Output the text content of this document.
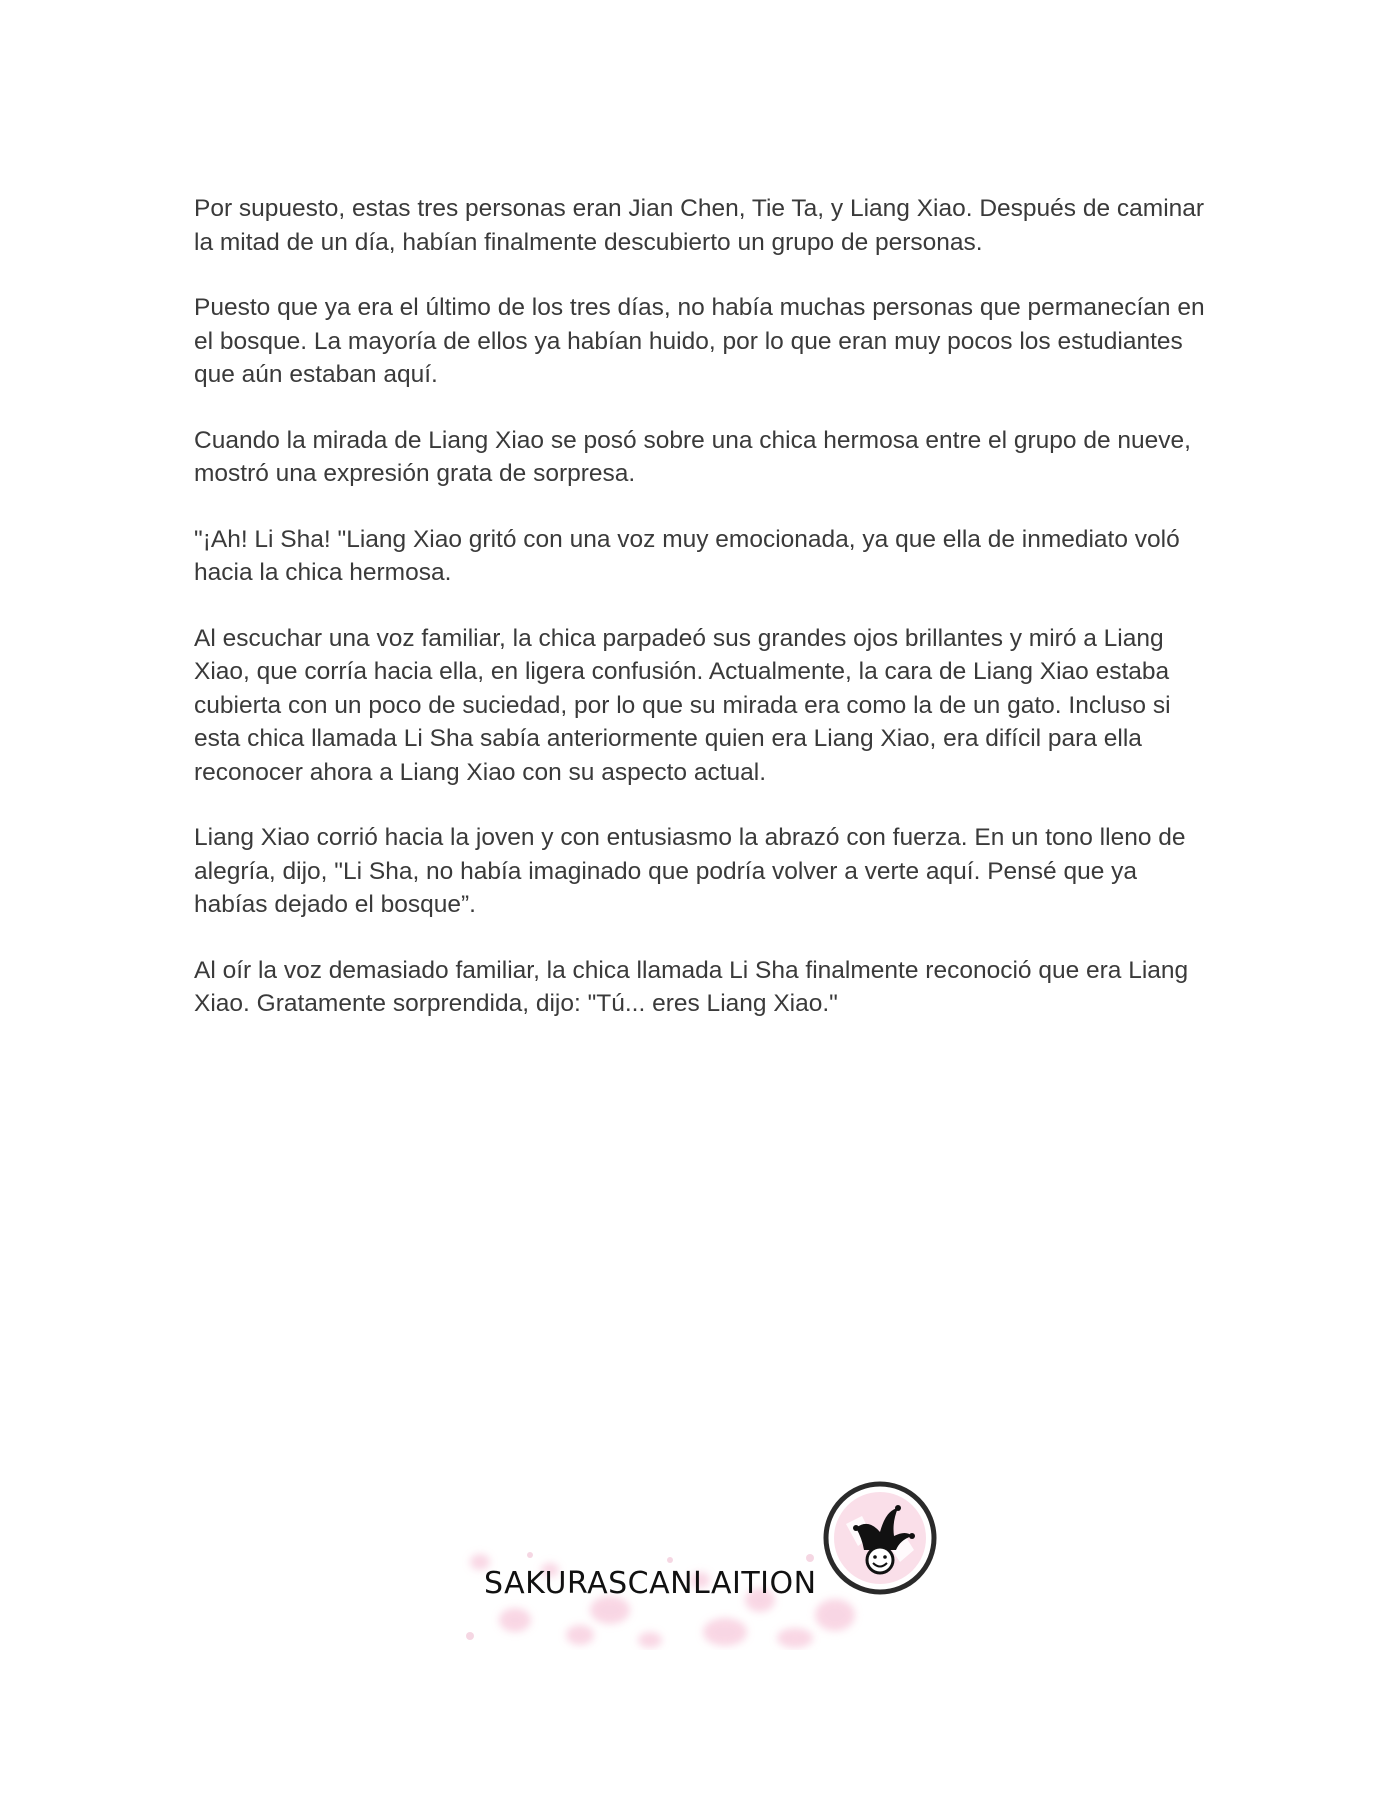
Por supuesto, estas tres personas eran Jian Chen, Tie Ta, y Liang Xiao. Después de caminar la mitad de un día, habían finalmente descubierto un grupo de personas.

Puesto que ya era el último de los tres días, no había muchas personas que permanecían en el bosque. La mayoría de ellos ya habían huido, por lo que eran muy pocos los estudiantes que aún estaban aquí.

Cuando la mirada de Liang Xiao se posó sobre una chica hermosa entre el grupo de nueve, mostró una expresión grata de sorpresa.

"¡Ah! Li Sha! "Liang Xiao gritó con una voz muy emocionada, ya que ella de inmediato voló hacia la chica hermosa.

Al escuchar una voz familiar, la chica parpadeó sus grandes ojos brillantes y miró a Liang Xiao, que corría hacia ella, en ligera confusión. Actualmente, la cara de Liang Xiao estaba cubierta con un poco de suciedad, por lo que su mirada era como la de un gato. Incluso si esta chica llamada Li Sha sabía anteriormente quien era Liang Xiao, era difícil para ella reconocer ahora a Liang Xiao con su aspecto actual.

Liang Xiao corrió hacia la joven y con entusiasmo la abrazó con fuerza. En un tono lleno de alegría, dijo, "Li Sha, no había imaginado que podría volver a verte aquí. Pensé que ya habías dejado el bosque”.

Al oír la voz demasiado familiar, la chica llamada Li Sha finalmente reconoció que era Liang Xiao. Gratamente sorprendida, dijo: "Tú... eres Liang Xiao."

SAKURASCANLAITION
